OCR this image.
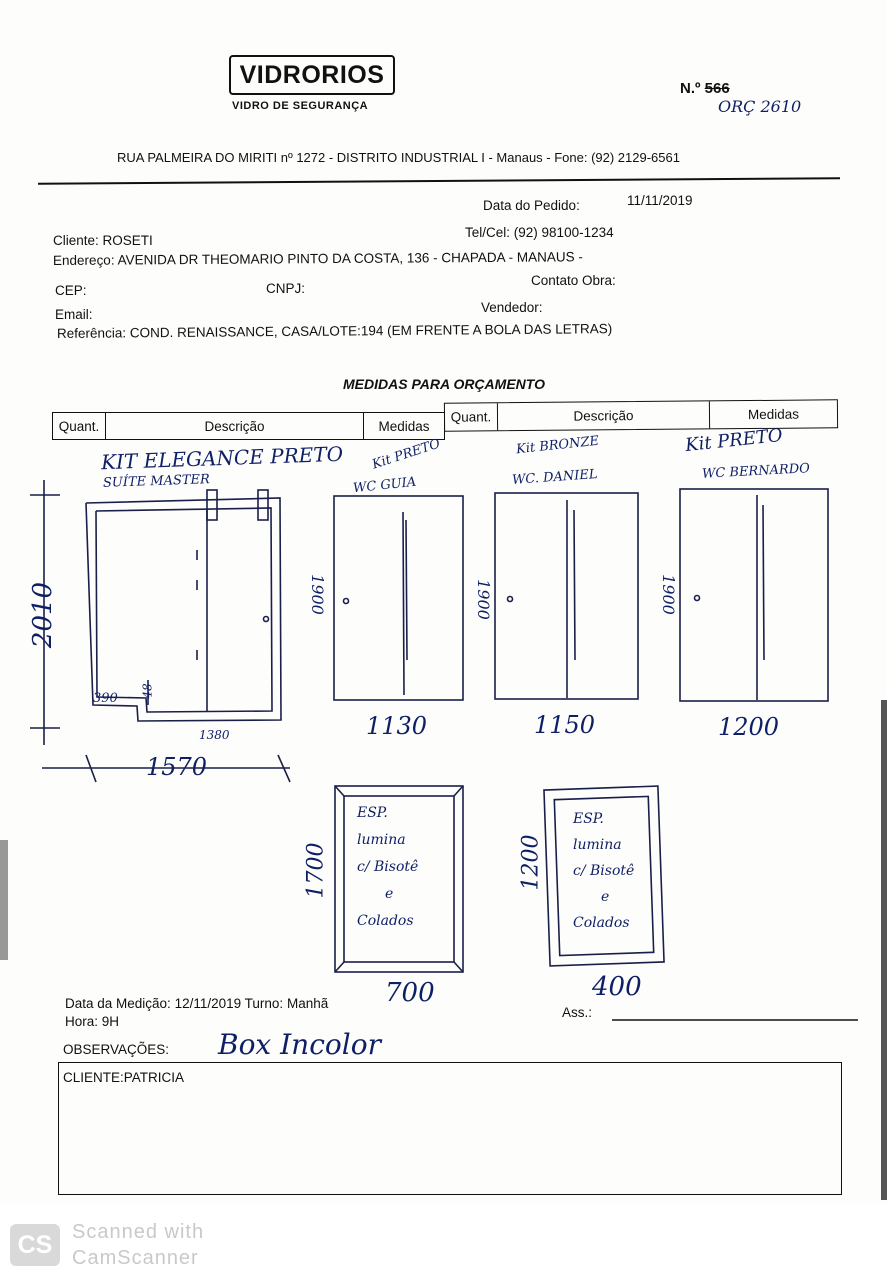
VIDRORIOS
VIDRO DE SEGURANÇA
N.º 566
ORÇ 2610
RUA PALMEIRA DO MIRITI nº 1272 - DISTRITO INDUSTRIAL I - Manaus - Fone: (92) 2129-6561
Data do Pedido:	11/11/2019
Cliente: ROSETI
Tel/Cel: (92) 98100-1234
Endereço: AVENIDA DR THEOMARIO PINTO DA COSTA, 136 - CHAPADA - MANAUS -
CEP:	CNPJ:
Contato Obra:
Email:	Vendedor:
Referência: COND. RENAISSANCE, CASA/LOTE:194 (EM FRENTE A BOLA DAS LETRAS)
MEDIDAS PARA ORÇAMENTO
Quant.	Descrição	Medidas
Quant.	Descrição	Medidas
KIT ELEGANCE PRETO
SUÍTE MASTER
2010
390 48
1380
1570
Kit PRETO
WC GUIA
1900
1130
Kit BRONZE
WC. DANIEL
1900
1150
Kit PRETO
WC BERNARDO
1900
1200
ESP.
lumina
c/ Bisotê
e
Colados
1700
700
ESP.
lumina
c/ Bisotê
e
Colados
1200
400
Data da Medição: 12/11/2019 Turno: Manhã
Hora: 9H
Ass.:
OBSERVAÇÕES: Box Incolor
CLIENTE:PATRICIA
CS Scanned with
CamScanner
